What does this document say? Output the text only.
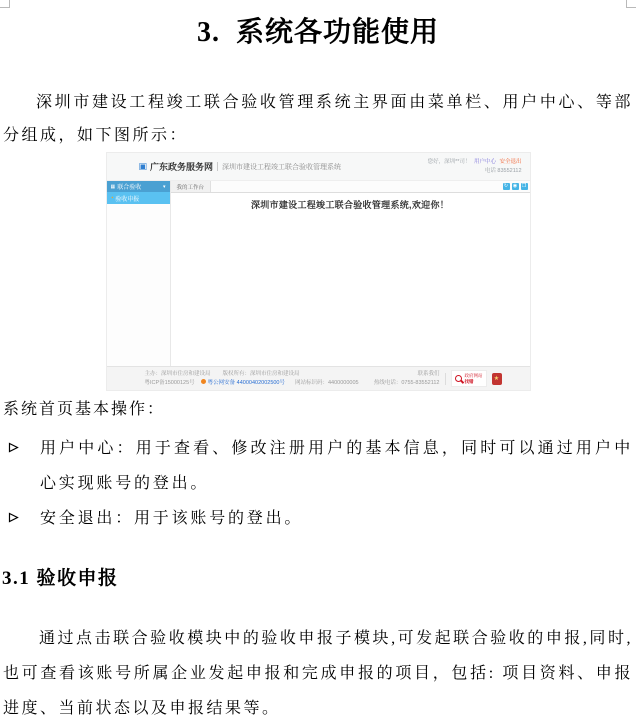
3.  系统各功能使用

深圳市建设工程竣工联合验收管理系统主界面由菜单栏、用户中心、等部分组成，如下图所示：

▣ 广东政务服务网 深圳市建设工程竣工联合验收管理系统
您好，深圳**司！ 用户中心 安全退出
电话 83552112
▦ 联合验收	▾
▪ 验收申报
我的工作台	↻ ◉ ❐
深圳市建设工程竣工联合验收管理系统,欢迎你！
主办：深圳市住房和建设局 版权所有：深圳市住房和建设局
粤ICP备15000125号 粤公网安备 44000402002500号 网站标识码：4400000005
联系我们
热线电话：0755-83552112
政府网站
找错
★

系统首页基本操作：

用户中心：用于查看、修改注册用户的基本信息，同时可以通过用户中心实现账号的登出。
安全退出：用于该账号的登出。
3.1 验收申报

通过点击联合验收模块中的验收申报子模块,可发起联合验收的申报,同时,也可查看该账号所属企业发起申报和完成申报的项目，包括: 项目资料、申报进度、当前状态以及申报结果等。
